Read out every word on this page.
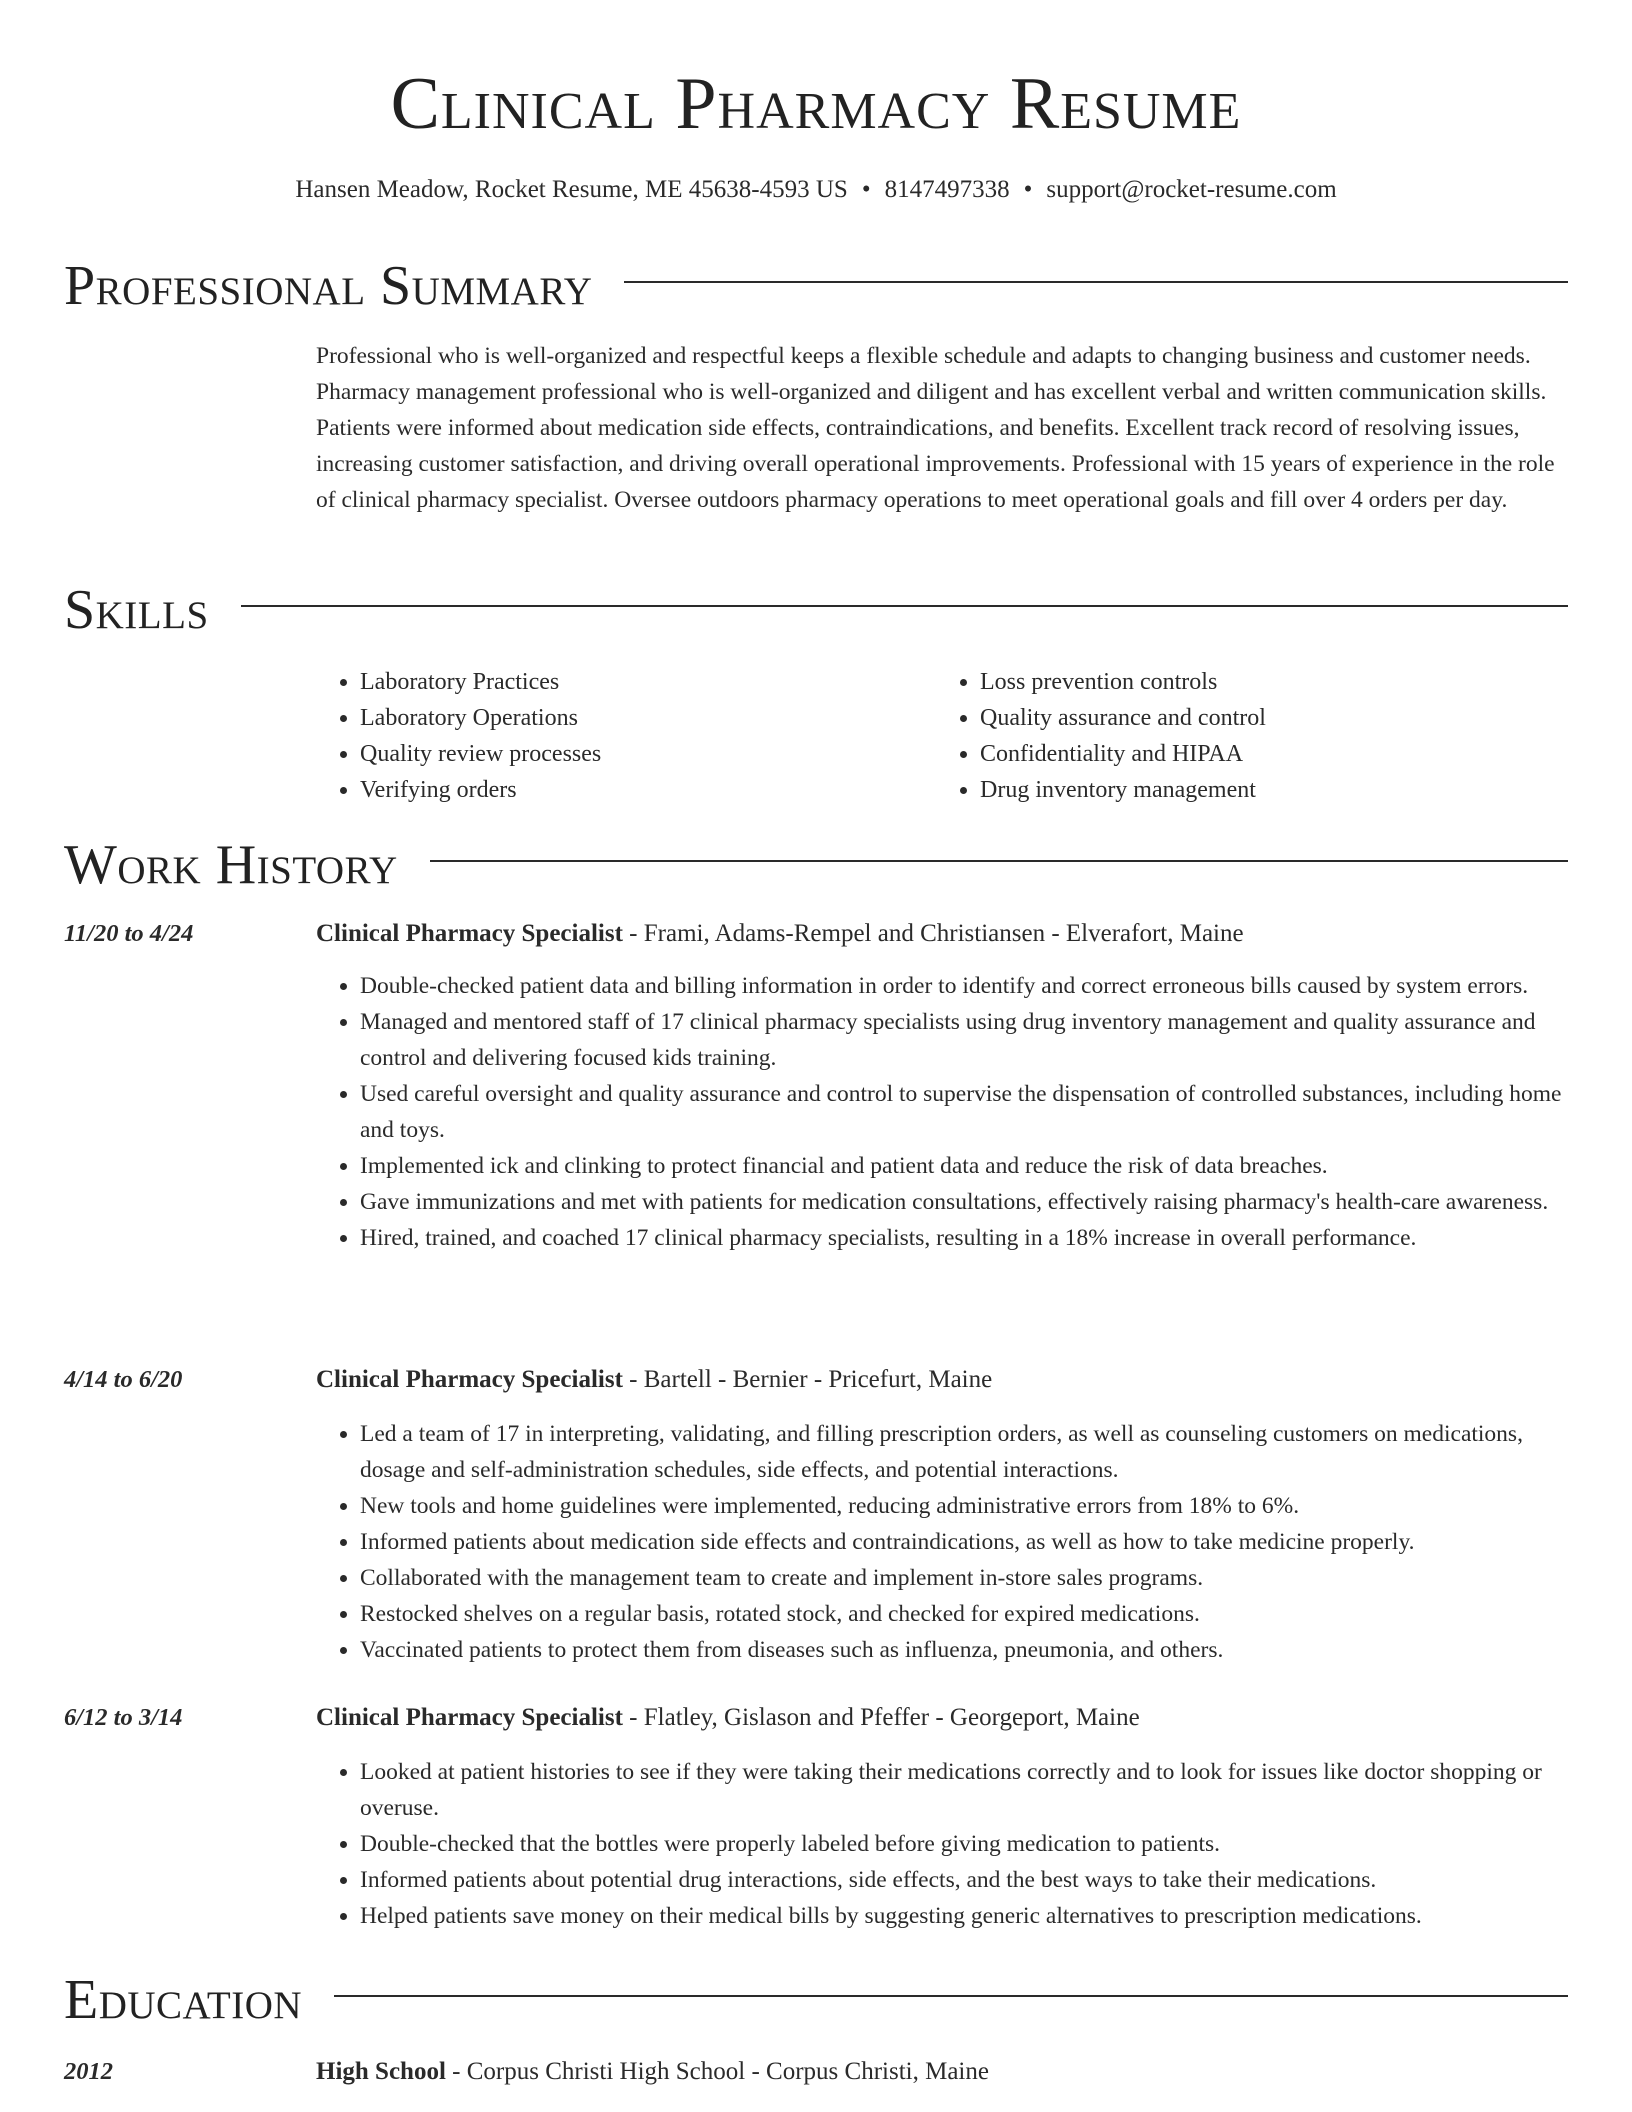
Clinical Pharmacy Resume
Hansen Meadow, Rocket Resume, ME 45638-4593 US • 8147497338 • support@rocket-resume.com
Professional Summary

Professional who is well-organized and respectful keeps a flexible schedule and adapts to changing business and customer needs. Pharmacy management professional who is well-organized and diligent and has excellent verbal and written communication skills. Patients were informed about medication side effects, contraindications, and benefits. Excellent track record of resolving issues, increasing customer satisfaction, and driving overall operational improvements. Professional with 15 years of experience in the role of clinical pharmacy specialist. Oversee outdoors pharmacy operations to meet operational goals and fill over 4 orders per day.

Skills
• Laboratory Practices
• Laboratory Operations
• Quality review processes
• Verifying orders
• Loss prevention controls
• Quality assurance and control
• Confidentiality and HIPAA
• Drug inventory management
Work History
11/20 to 4/24	Clinical Pharmacy Specialist - Frami, Adams-Rempel and Christiansen - Elverafort, Maine
• Double-checked patient data and billing information in order to identify and correct erroneous bills caused by system errors.
• Managed and mentored staff of 17 clinical pharmacy specialists using drug inventory management and quality assurance and control and delivering focused kids training.
• Used careful oversight and quality assurance and control to supervise the dispensation of controlled substances, including home and toys.
• Implemented ick and clinking to protect financial and patient data and reduce the risk of data breaches.
• Gave immunizations and met with patients for medication consultations, effectively raising pharmacy's health-care awareness.
• Hired, trained, and coached 17 clinical pharmacy specialists, resulting in a 18% increase in overall performance.
4/14 to 6/20	Clinical Pharmacy Specialist - Bartell - Bernier - Pricefurt, Maine
• Led a team of 17 in interpreting, validating, and filling prescription orders, as well as counseling customers on medications, dosage and self-administration schedules, side effects, and potential interactions.
• New tools and home guidelines were implemented, reducing administrative errors from 18% to 6%.
• Informed patients about medication side effects and contraindications, as well as how to take medicine properly.
• Collaborated with the management team to create and implement in-store sales programs.
• Restocked shelves on a regular basis, rotated stock, and checked for expired medications.
• Vaccinated patients to protect them from diseases such as influenza, pneumonia, and others.
6/12 to 3/14	Clinical Pharmacy Specialist - Flatley, Gislason and Pfeffer - Georgeport, Maine
• Looked at patient histories to see if they were taking their medications correctly and to look for issues like doctor shopping or overuse.
• Double-checked that the bottles were properly labeled before giving medication to patients.
• Informed patients about potential drug interactions, side effects, and the best ways to take their medications.
• Helped patients save money on their medical bills by suggesting generic alternatives to prescription medications.
Education
2012	High School - Corpus Christi High School - Corpus Christi, Maine
